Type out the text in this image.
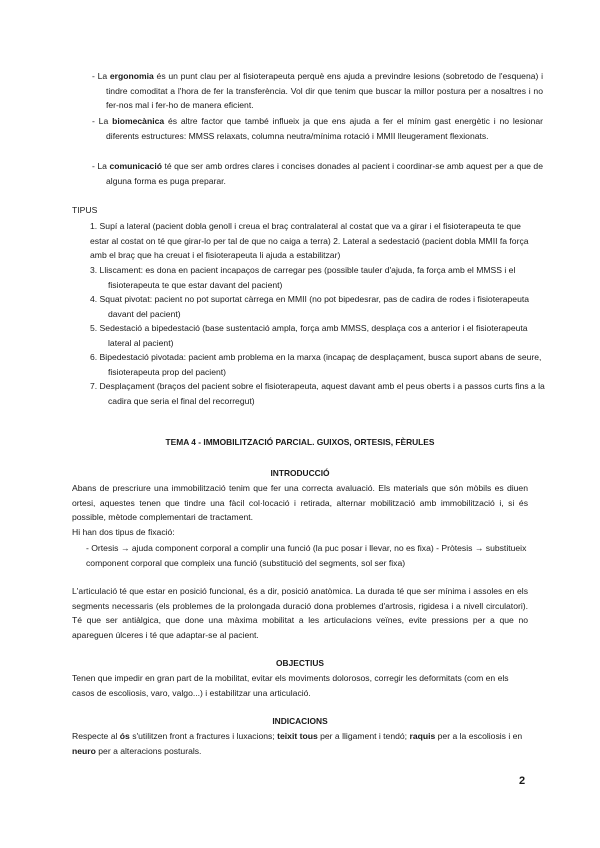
- La ergonomia és un punt clau per al fisioterapeuta perquè ens ajuda a previndre lesions (sobretodo de l'esquena) i tindre comoditat a l'hora de fer la transferència. Vol dir que tenim que buscar la millor postura per a nosaltres i no fer-nos mal i fer-ho de manera eficient.
- La biomecànica és altre factor que també influeix ja que ens ajuda a fer el mínim gast energètic i no lesionar diferents estructures: MMSS relaxats, columna neutra/mínima rotació i MMII lleugerament flexionats.
- La comunicació té que ser amb ordres clares i concises donades al pacient i coordinar-se amb aquest per a que de alguna forma es puga preparar.
TIPUS
1. Supí a lateral (pacient dobla genoll i creua el braç contralateral al costat que va a girar i el fisioterapeuta te que estar al costat on té que girar-lo per tal de que no caiga a terra) 2. Lateral a sedestació (pacient dobla MMII fa força amb el braç que ha creuat i el fisioterapeuta li ajuda a estabilitzar)
3. Lliscament: es dona en pacient incapaços de carregar pes (possible tauler d'ajuda, fa força amb el MMSS i el fisioterapeuta te que estar davant del pacient)
4. Squat pivotat: pacient no pot suportat càrrega en MMII (no pot bipedesrar, pas de cadira de rodes i fisioterapeuta davant del pacient)
5. Sedestació a bipedestació (base sustentació ampla, força amb MMSS, desplaça cos a anterior i el fisioterapeuta lateral al pacient)
6. Bipedestació pivotada: pacient amb problema en la marxa (incapaç de desplaçament, busca suport abans de seure, fisioterapeuta prop del pacient)
7. Desplaçament (braços del pacient sobre el fisioterapeuta, aquest davant amb el peus oberts i a passos curts fins a la cadira que seria el final del recorregut)
TEMA 4 - IMMOBILITZACIÓ PARCIAL. GUIXOS, ORTESIS, FÈRULES
INTRODUCCIÓ
Abans de prescriure una immobilització tenim que fer una correcta avaluació. Els materials que són mòbils es diuen ortesi, aquestes tenen que tindre una fàcil col·locació i retirada, alternar mobilització amb immobilització i, si és possible, mètode complementari de tractament.
Hi han dos tipus de fixació:
- Ortesis → ajuda component corporal a complir una funció (la puc posar i llevar, no es fixa) - Pròtesis → substitueix component corporal que compleix una funció (substitució del segments, sol ser fixa)
L'articulació té que estar en posició funcional, és a dir, posició anatòmica. La durada té que ser mínima i assoles en els segments necessaris (els problemes de la prolongada duració dona problemes d'artrosis, rigidesa i a nivell circulatori). Té que ser antiàlgica, que done una màxima mobilitat a les articulacions veïnes, evite pressions per a que no apareguen úlceres i té que adaptar-se al pacient.
OBJECTIUS
Tenen que impedir en gran part de la mobilitat, evitar els moviments dolorosos, corregir les deformitats (com en els casos de escoliosis, varo, valgo...) i estabilitzar una articulació.
INDICACIONS
Respecte al ós s'utilitzen front a fractures i luxacions; teixit tous per a lligament i tendó; raquis per a la escoliosis i en neuro per a alteracions posturals.
2
